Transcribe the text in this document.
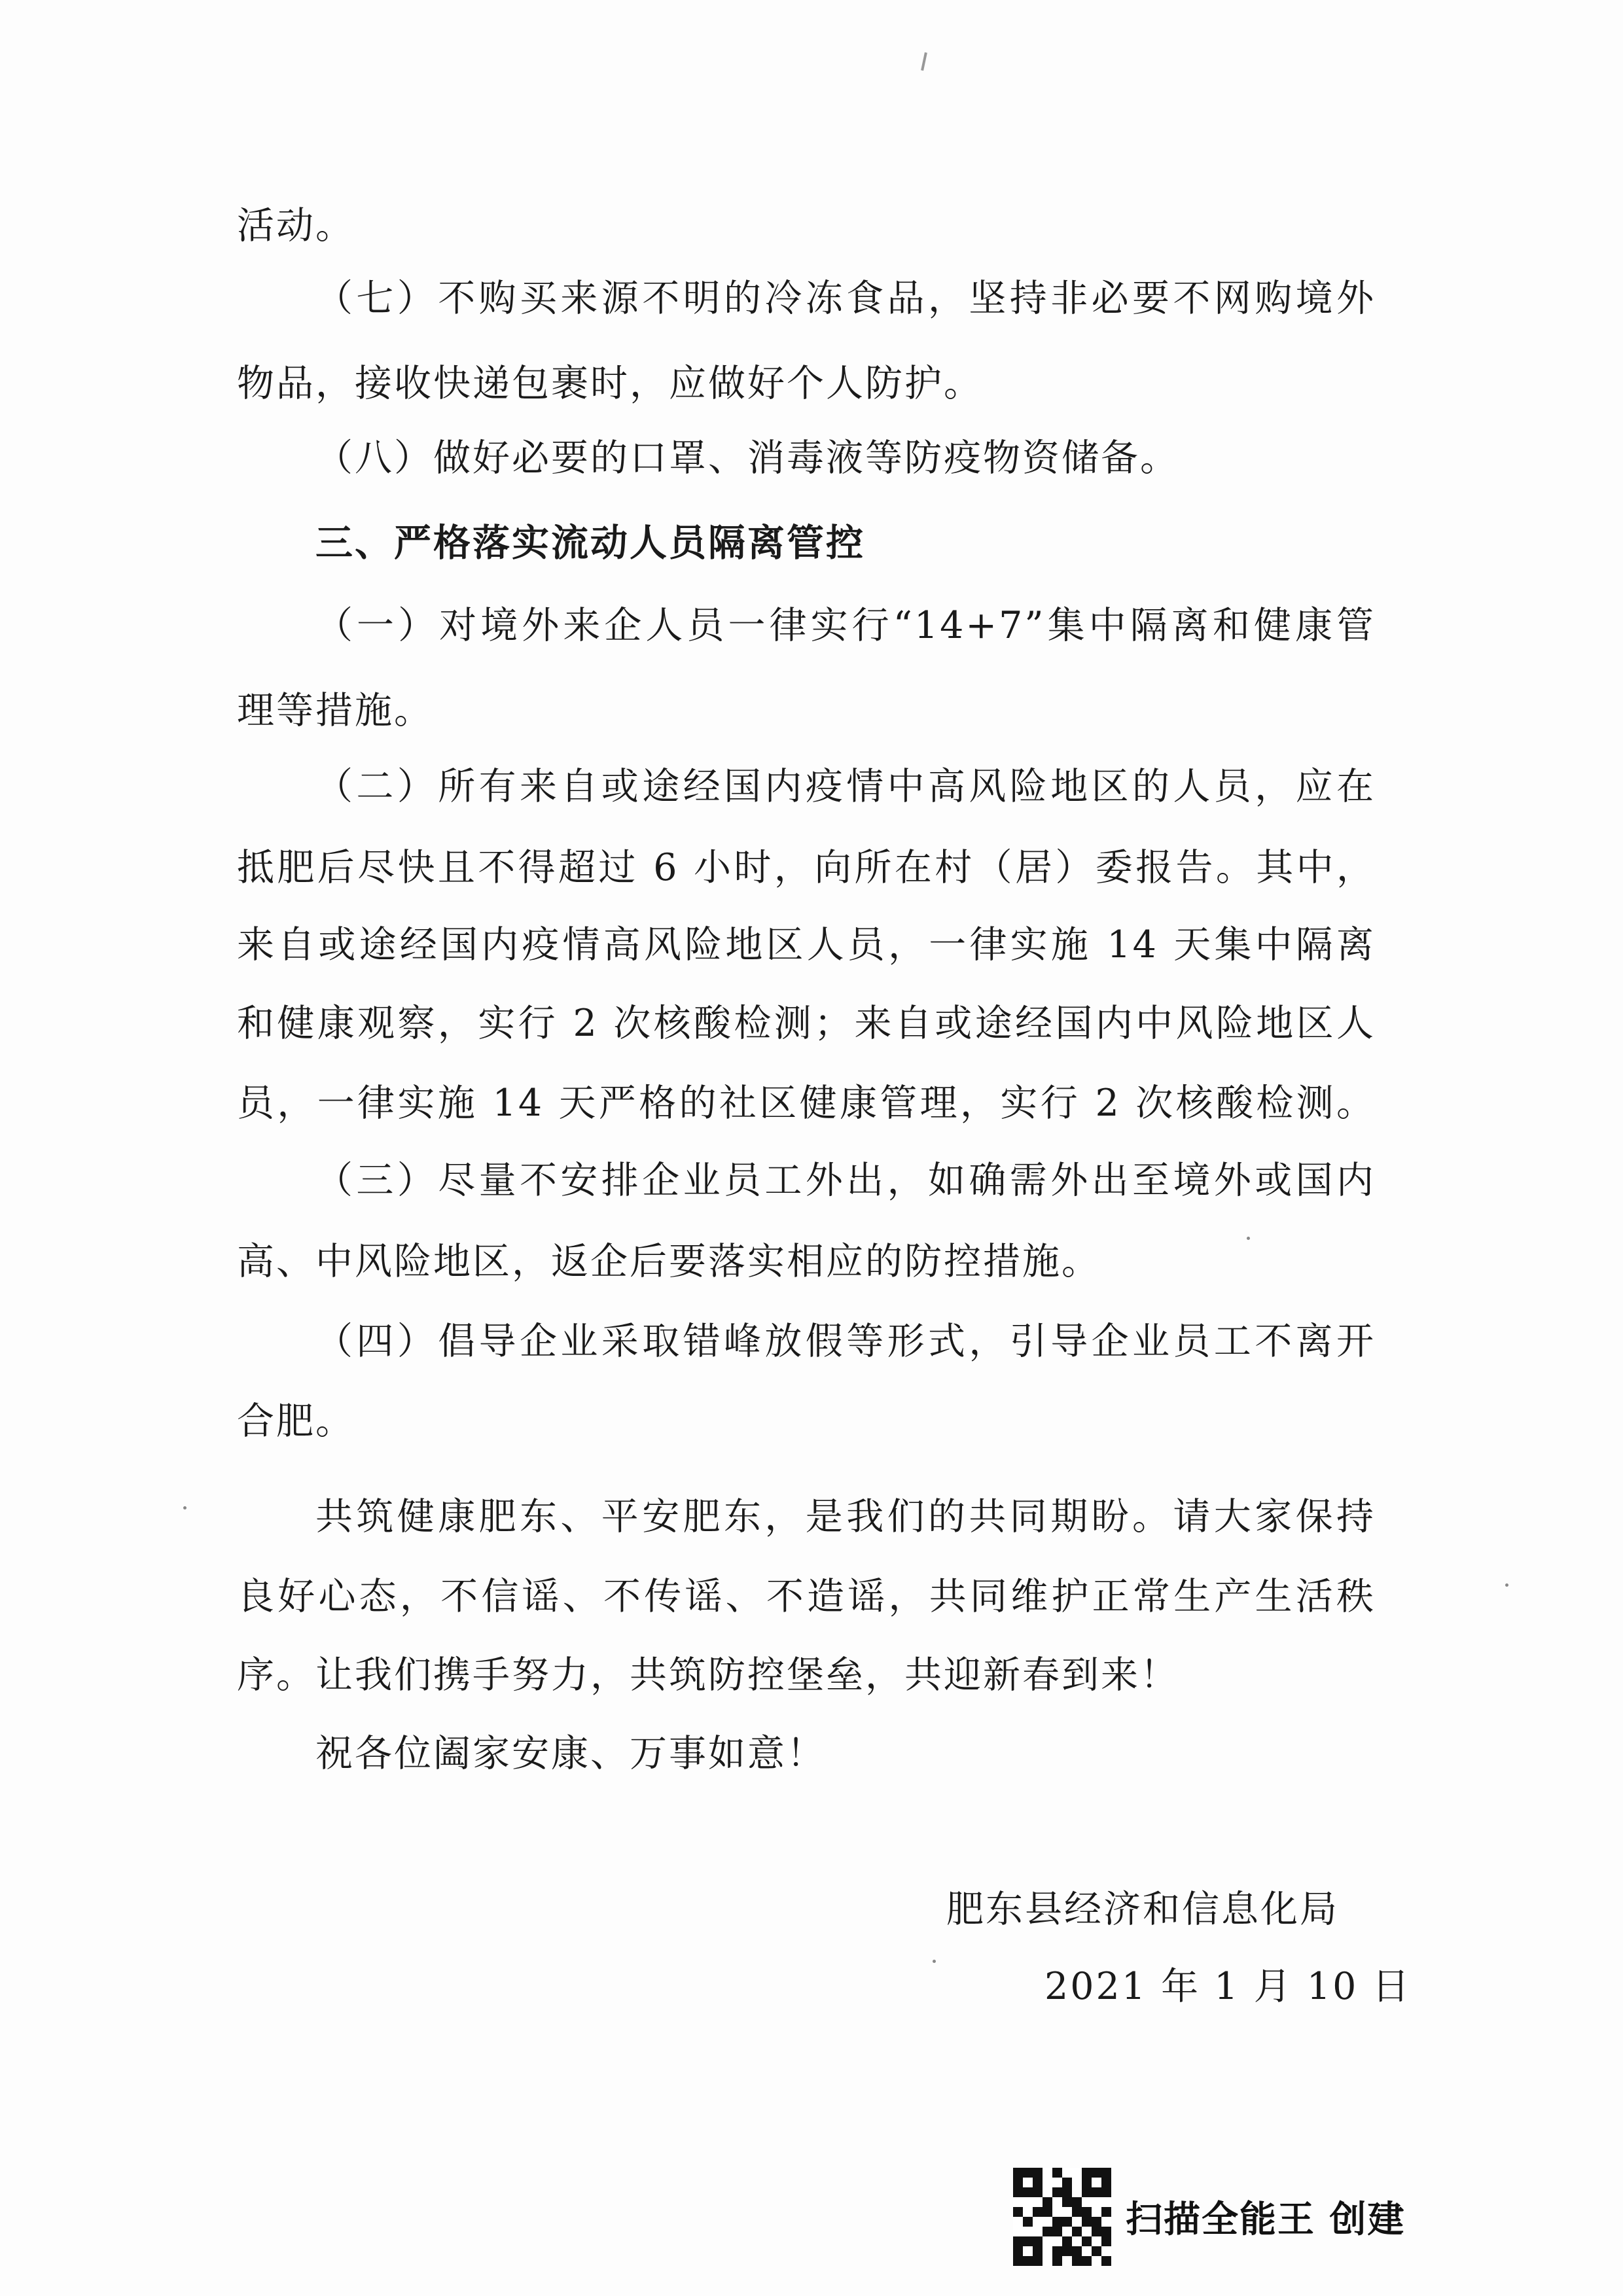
活动。
（七）不购买来源不明的冷冻食品，坚持非必要不网购境外
物品，接收快递包裹时，应做好个人防护。
（八）做好必要的口罩、消毒液等防疫物资储备。
三、严格落实流动人员隔离管控
（一）对境外来企人员一律实行“14+7”集中隔离和健康管
理等措施。
（二）所有来自或途经国内疫情中高风险地区的人员，应在
抵肥后尽快且不得超过 6 小时，向所在村（居）委报告。其中，
来自或途经国内疫情高风险地区人员，一律实施 14 天集中隔离
和健康观察，实行 2 次核酸检测；来自或途经国内中风险地区人
员，一律实施 14 天严格的社区健康管理，实行 2 次核酸检测。
（三）尽量不安排企业员工外出，如确需外出至境外或国内
高、中风险地区，返企后要落实相应的防控措施。
（四）倡导企业采取错峰放假等形式，引导企业员工不离开
合肥。
共筑健康肥东、平安肥东，是我们的共同期盼。请大家保持
良好心态，不信谣、不传谣、不造谣，共同维护正常生产生活秩
序。让我们携手努力，共筑防控堡垒，共迎新春到来！
祝各位阖家安康、万事如意！
肥东县经济和信息化局
2021 年 1 月 10 日
扫描全能王 创建
